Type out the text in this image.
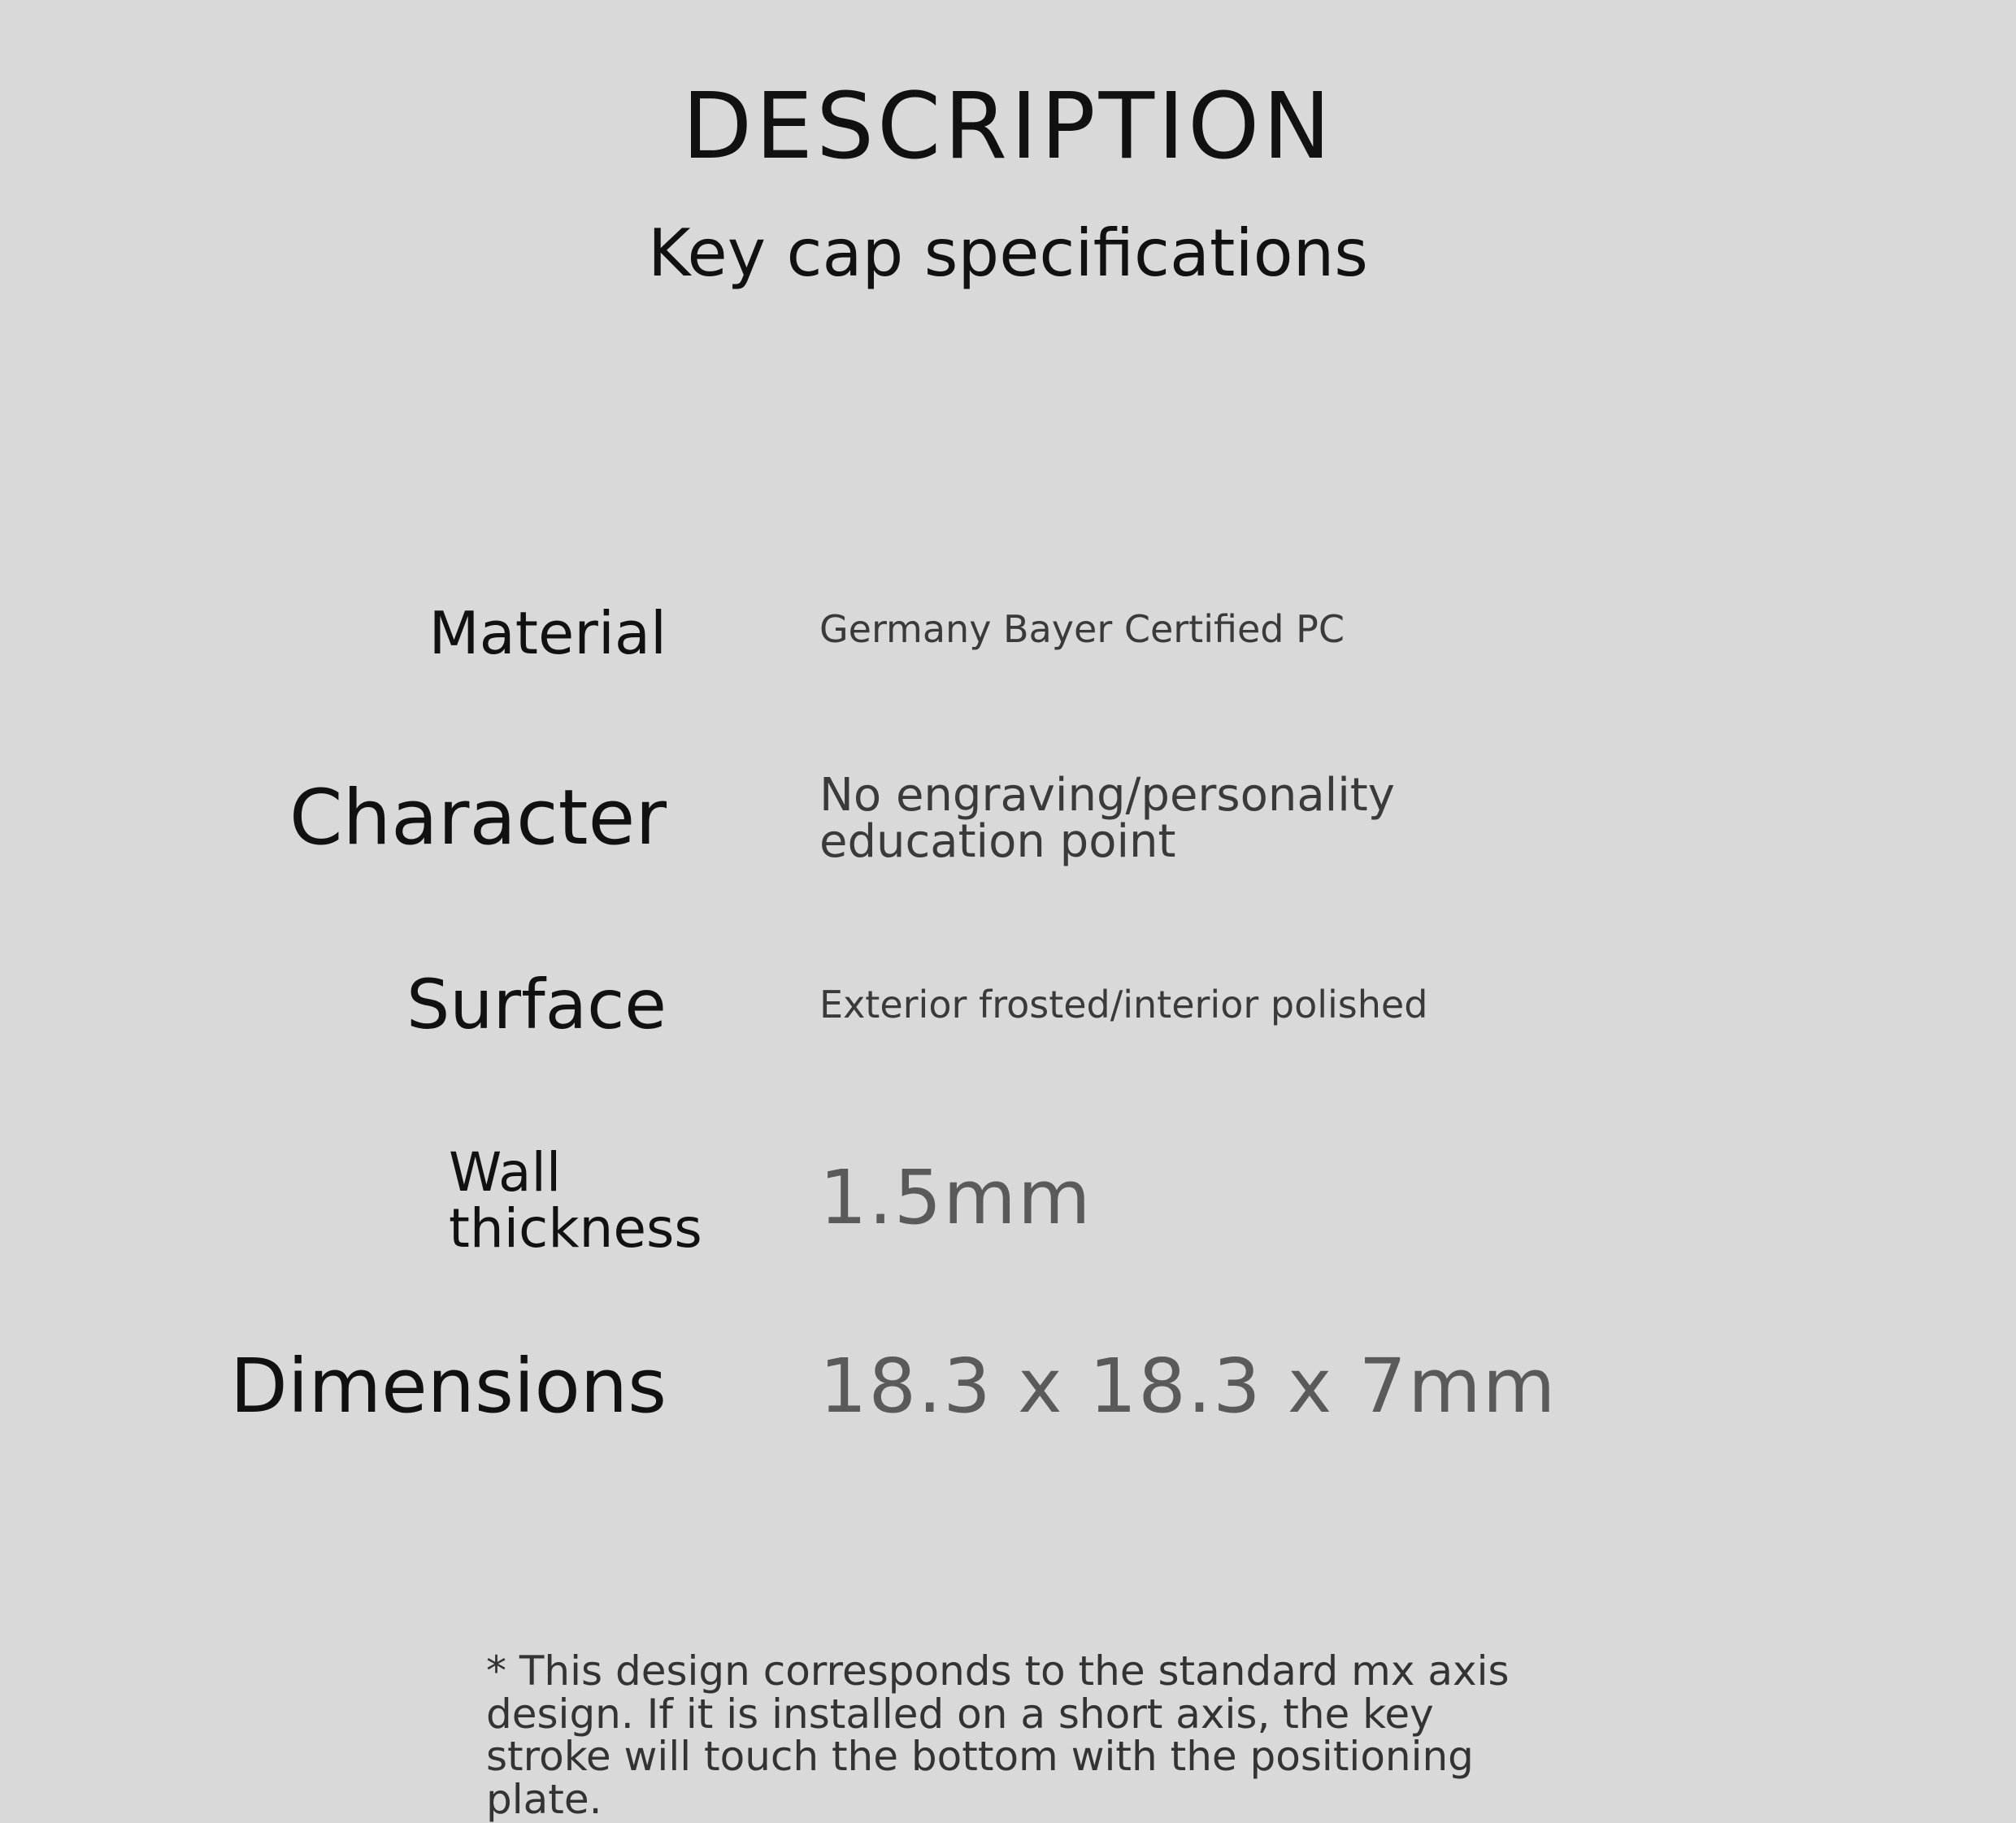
DESCRIPTION
Key cap specifications
Material	Germany Bayer Certified PC
Character	No engraving/personality education point
Surface	Exterior frosted/interior polished
Wall thickness 1.5mm
Dimensions 18.3 x 18.3 x 7mm

* This design corresponds to the standard mx axis design. If it is installed on a short axis, the key stroke will touch the bottom with the positioning plate.
